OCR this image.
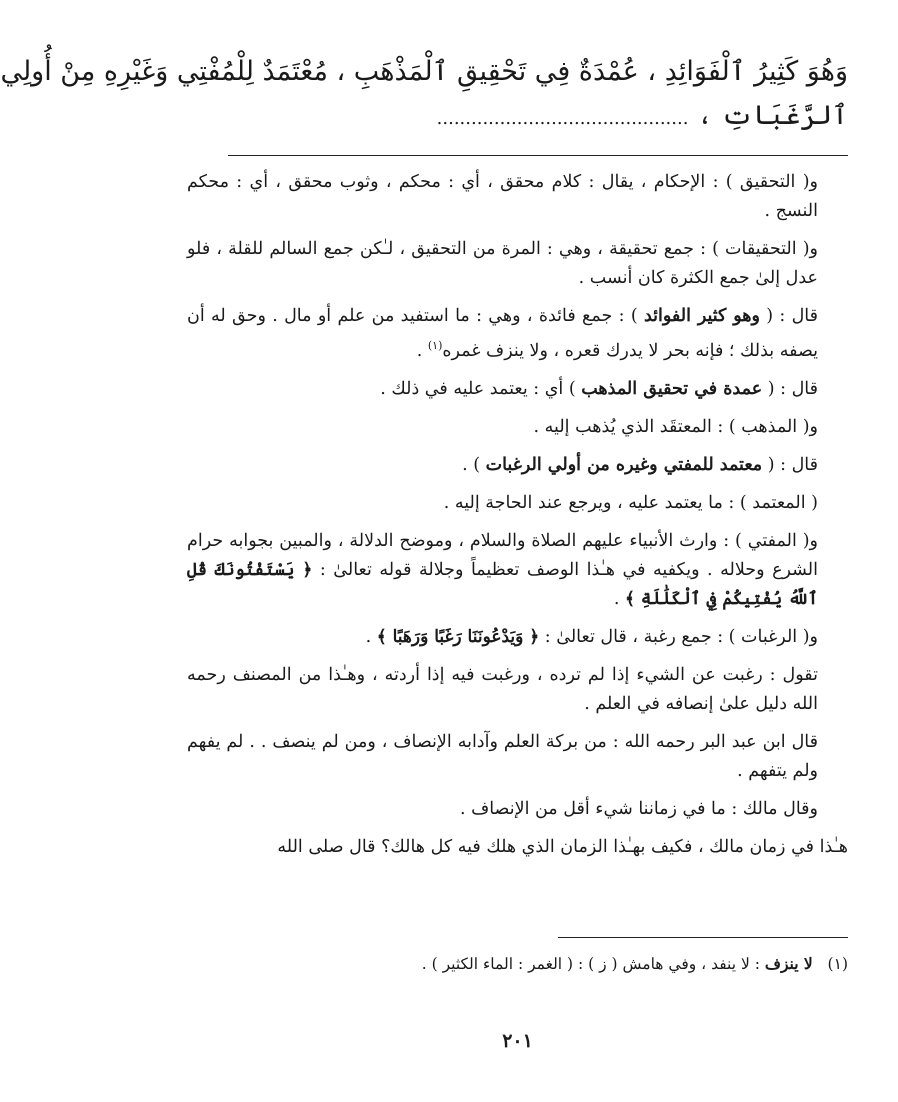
وَهُوَ كَثِيرُ ٱلْفَوَائِدِ ، عُمْدَةٌ فِي تَحْقِيقِ ٱلْمَذْهَبِ ، مُعْتَمَدٌ لِلْمُفْتِي وَغَيْرِهِ مِنْ أُولِي
ٱلرَّغَبَاتِ ، ............................................

و( التحقيق ) : الإحكام ، يقال : كلام محقق ، أي : محكم ، وثوب محقق ، أي : محكم النسج .

و( التحقيقات ) : جمع تحقيقة ، وهي : المرة من التحقيق ، لـٰكن جمع السالم للقلة ، فلو عدل إلىٰ جمع الكثرة كان أنسب .

قال : ( وهو كثير الفوائد ) : جمع فائدة ، وهي : ما استفيد من علم أو مال . وحق له أن يصفه بذلك ؛ فإنه بحر لا يدرك قعره ، ولا ينزف غمره$^{(١)}$ .

قال : ( عمدة في تحقيق المذهب ) أي : يعتمد عليه في ذلك .

و( المذهب ) : المعتقَد الذي يُذهب إليه .

قال : ( معتمد للمفتي وغيره من أولي الرغبات ) .

( المعتمد ) : ما يعتمد عليه ، ويرجع عند الحاجة إليه .

و( المفتي ) : وارث الأنبياء عليهم الصلاة والسلام ، وموضح الدلالة ، والمبين بجوابه حرام الشرع وحلاله . ويكفيه في هـٰذا الوصف تعظيماً وجلالة قوله تعالىٰ : ﴿ يَسْتَفْتُونَكَ قُلِ ٱللَّهُ يُفْتِيكُمْ فِي ٱلْكَلَٰلَةِ ﴾ .

و( الرغبات ) : جمع رغبة ، قال تعالىٰ : ﴿ وَيَدْعُونَنَا رَغَبًا وَرَهَبًا ﴾ .

تقول : رغبت عن الشيء إذا لم ترده ، ورغبت فيه إذا أردته ، وهـٰذا من المصنف رحمه الله دليل علىٰ إنصافه في العلم .

قال ابن عبد البر رحمه الله : من بركة العلم وآدابه الإنصاف ، ومن لم ينصف . . لم يفهم ولم يتفهم .

وقال مالك : ما في زماننا شيء أقل من الإنصاف .

هـٰذا في زمان مالك ، فكيف بهـٰذا الزمان الذي هلك فيه كل هالك؟ قال صلى الله

(١)   لا ينزف : لا ينفد ، وفي هامش ( ز ) : ( الغمر : الماء الكثير ) .
٢٠١
